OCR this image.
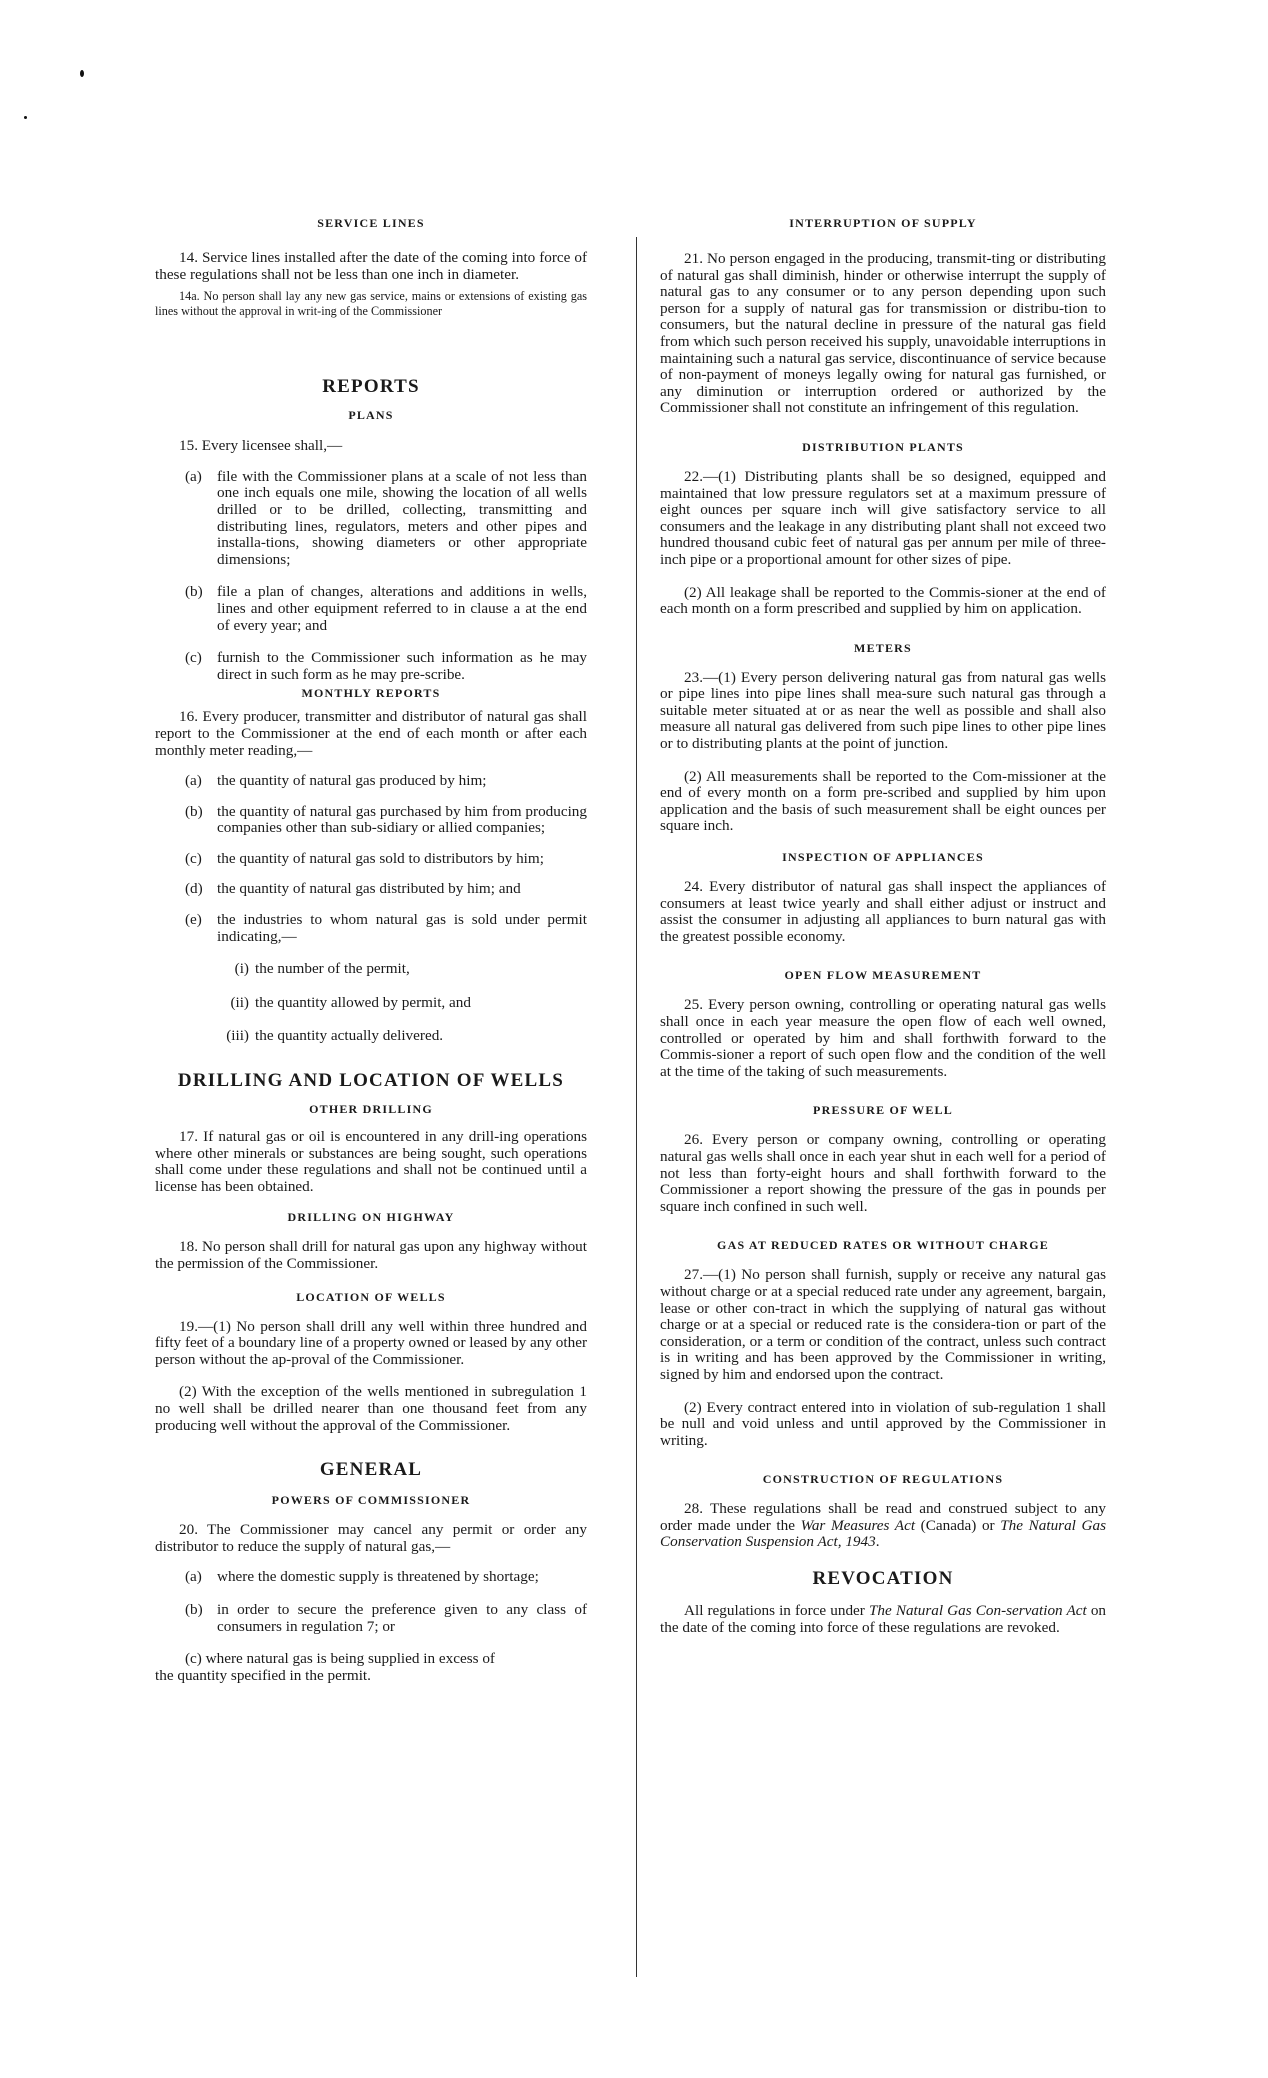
SERVICE LINES

14. Service lines installed after the date of the coming into force of these regulations shall not be less than one inch in diameter.

14a. No person shall lay any new gas service, mains or extensions of existing gas lines without the approval in writ-ing of the Commissioner

REPORTS
PLANS

15. Every licensee shall,—

(a) file with the Commissioner plans at a scale of not less than one inch equals one mile, showing the location of all wells drilled or to be drilled, collecting, transmitting and distributing lines, regulators, meters and other pipes and installa-tions, showing diameters or other appropriate dimensions;
(b) file a plan of changes, alterations and additions in wells, lines and other equipment referred to in clause a at the end of every year; and
(c) furnish to the Commissioner such information as he may direct in such form as he may pre-scribe.
MONTHLY REPORTS

16. Every producer, transmitter and distributor of natural gas shall report to the Commissioner at the end of each month or after each monthly meter reading,—

(a) the quantity of natural gas produced by him;
(b) the quantity of natural gas purchased by him from producing companies other than sub-sidiary or allied companies;
(c) the quantity of natural gas sold to distributors by him;
(d) the quantity of natural gas distributed by him; and
(e) the industries to whom natural gas is sold under permit indicating,—
(i) the number of the permit,
(ii) the quantity allowed by permit, and
(iii) the quantity actually delivered.
DRILLING AND LOCATION OF WELLS
OTHER DRILLING

17. If natural gas or oil is encountered in any drill-ing operations where other minerals or substances are being sought, such operations shall come under these regulations and shall not be continued until a license has been obtained.

DRILLING ON HIGHWAY

18. No person shall drill for natural gas upon any highway without the permission of the Commissioner.

LOCATION OF WELLS

19.—(1) No person shall drill any well within three hundred and fifty feet of a boundary line of a property owned or leased by any other person without the ap-proval of the Commissioner.

(2) With the exception of the wells mentioned in subregulation 1 no well shall be drilled nearer than one thousand feet from any producing well without the approval of the Commissioner.

GENERAL
POWERS OF COMMISSIONER

20. The Commissioner may cancel any permit or order any distributor to reduce the supply of natural gas,—

(a) where the domestic supply is threatened by shortage;
(b) in order to secure the preference given to any class of consumers in regulation 7; or

(c) where natural gas is being supplied in excess of
the quantity specified in the permit.

INTERRUPTION OF SUPPLY

21. No person engaged in the producing, transmit-ting or distributing of natural gas shall diminish, hinder or otherwise interrupt the supply of natural gas to any consumer or to any person depending upon such person for a supply of natural gas for transmission or distribu-tion to consumers, but the natural decline in pressure of the natural gas field from which such person received his supply, unavoidable interruptions in maintaining such a natural gas service, discontinuance of service because of non-payment of moneys legally owing for natural gas furnished, or any diminution or interruption ordered or authorized by the Commissioner shall not constitute an infringement of this regulation.

DISTRIBUTION PLANTS

22.—(1) Distributing plants shall be so designed, equipped and maintained that low pressure regulators set at a maximum pressure of eight ounces per square inch will give satisfactory service to all consumers and the leakage in any distributing plant shall not exceed two hundred thousand cubic feet of natural gas per annum per mile of three-inch pipe or a proportional amount for other sizes of pipe.

(2) All leakage shall be reported to the Commis-sioner at the end of each month on a form prescribed and supplied by him on application.

METERS

23.—(1) Every person delivering natural gas from natural gas wells or pipe lines into pipe lines shall mea-sure such natural gas through a suitable meter situated at or as near the well as possible and shall also measure all natural gas delivered from such pipe lines to other pipe lines or to distributing plants at the point of junction.

(2) All measurements shall be reported to the Com-missioner at the end of every month on a form pre-scribed and supplied by him upon application and the basis of such measurement shall be eight ounces per square inch.

INSPECTION OF APPLIANCES

24. Every distributor of natural gas shall inspect the appliances of consumers at least twice yearly and shall either adjust or instruct and assist the consumer in adjusting all appliances to burn natural gas with the greatest possible economy.

OPEN FLOW MEASUREMENT

25. Every person owning, controlling or operating natural gas wells shall once in each year measure the open flow of each well owned, controlled or operated by him and shall forthwith forward to the Commis-sioner a report of such open flow and the condition of the well at the time of the taking of such measurements.

PRESSURE OF WELL

26. Every person or company owning, controlling or operating natural gas wells shall once in each year shut in each well for a period of not less than forty-eight hours and shall forthwith forward to the Commissioner a report showing the pressure of the gas in pounds per square inch confined in such well.

GAS AT REDUCED RATES OR WITHOUT CHARGE

27.—(1) No person shall furnish, supply or receive any natural gas without charge or at a special reduced rate under any agreement, bargain, lease or other con-tract in which the supplying of natural gas without charge or at a special or reduced rate is the considera-tion or part of the consideration, or a term or condition of the contract, unless such contract is in writing and has been approved by the Commissioner in writing, signed by him and endorsed upon the contract.

(2) Every contract entered into in violation of sub-regulation 1 shall be null and void unless and until approved by the Commissioner in writing.

CONSTRUCTION OF REGULATIONS

28. These regulations shall be read and construed subject to any order made under the War Measures Act (Canada) or The Natural Gas Conservation Suspension Act, 1943.

REVOCATION

All regulations in force under The Natural Gas Con-servation Act on the date of the coming into force of these regulations are revoked.
